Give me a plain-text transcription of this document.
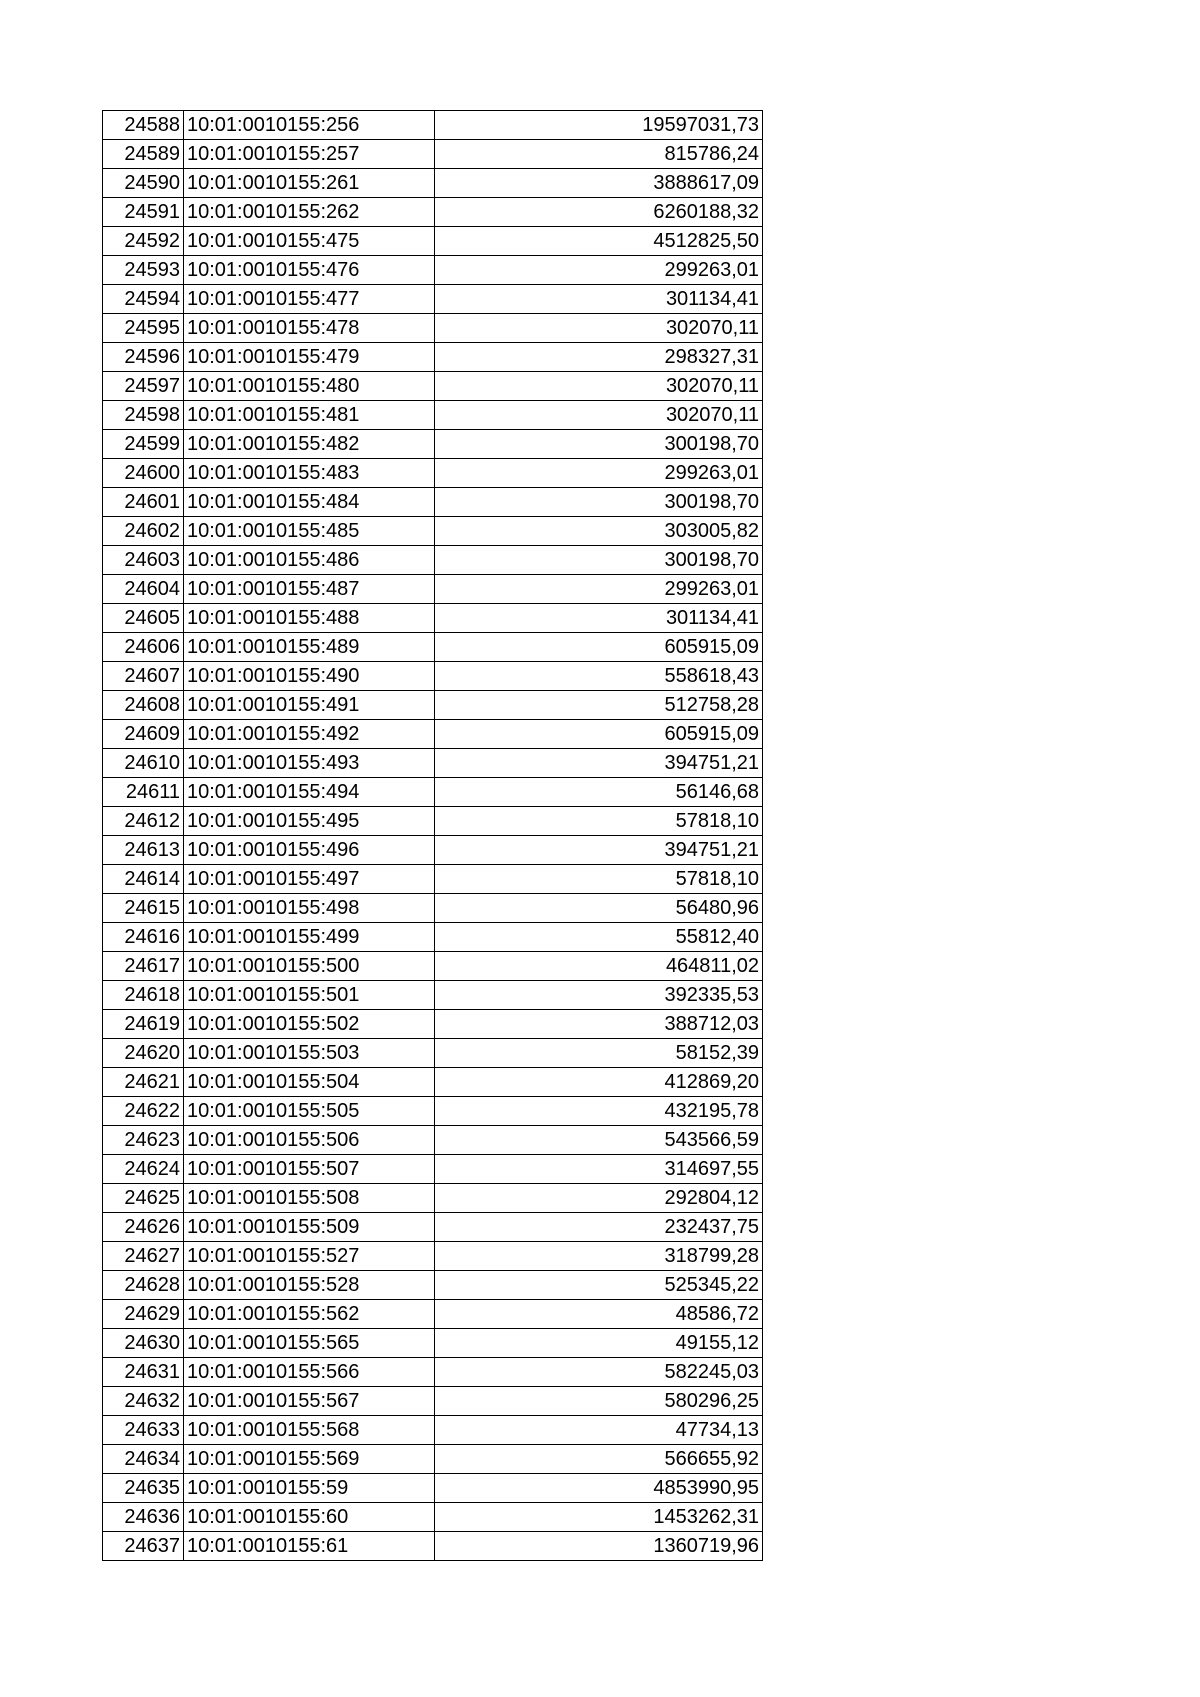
24588	10:01:0010155:256	19597031,73
24589	10:01:0010155:257	815786,24
24590	10:01:0010155:261	3888617,09
24591	10:01:0010155:262	6260188,32
24592	10:01:0010155:475	4512825,50
24593	10:01:0010155:476	299263,01
24594	10:01:0010155:477	301134,41
24595	10:01:0010155:478	302070,11
24596	10:01:0010155:479	298327,31
24597	10:01:0010155:480	302070,11
24598	10:01:0010155:481	302070,11
24599	10:01:0010155:482	300198,70
24600	10:01:0010155:483	299263,01
24601	10:01:0010155:484	300198,70
24602	10:01:0010155:485	303005,82
24603	10:01:0010155:486	300198,70
24604	10:01:0010155:487	299263,01
24605	10:01:0010155:488	301134,41
24606	10:01:0010155:489	605915,09
24607	10:01:0010155:490	558618,43
24608	10:01:0010155:491	512758,28
24609	10:01:0010155:492	605915,09
24610	10:01:0010155:493	394751,21
24611	10:01:0010155:494	56146,68
24612	10:01:0010155:495	57818,10
24613	10:01:0010155:496	394751,21
24614	10:01:0010155:497	57818,10
24615	10:01:0010155:498	56480,96
24616	10:01:0010155:499	55812,40
24617	10:01:0010155:500	464811,02
24618	10:01:0010155:501	392335,53
24619	10:01:0010155:502	388712,03
24620	10:01:0010155:503	58152,39
24621	10:01:0010155:504	412869,20
24622	10:01:0010155:505	432195,78
24623	10:01:0010155:506	543566,59
24624	10:01:0010155:507	314697,55
24625	10:01:0010155:508	292804,12
24626	10:01:0010155:509	232437,75
24627	10:01:0010155:527	318799,28
24628	10:01:0010155:528	525345,22
24629	10:01:0010155:562	48586,72
24630	10:01:0010155:565	49155,12
24631	10:01:0010155:566	582245,03
24632	10:01:0010155:567	580296,25
24633	10:01:0010155:568	47734,13
24634	10:01:0010155:569	566655,92
24635	10:01:0010155:59	4853990,95
24636	10:01:0010155:60	1453262,31
24637	10:01:0010155:61	1360719,96
